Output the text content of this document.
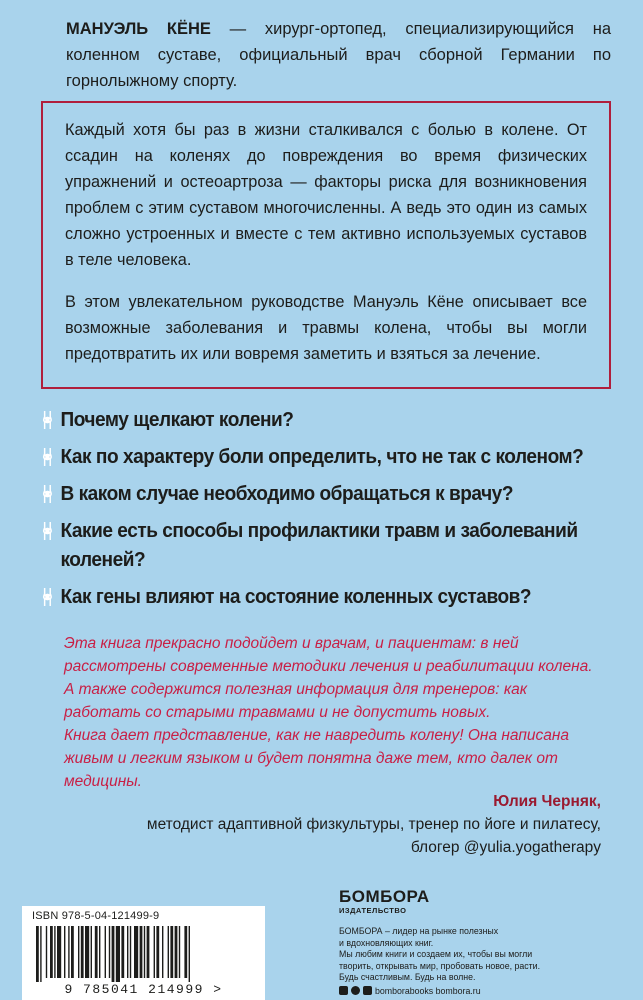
МАНУЭЛЬ КЁНЕ — хирург-ортопед, специализирующийся на коленном суставе, официальный врач сборной Германии по горнолыжному спорту.

Каждый хотя бы раз в жизни сталкивался с болью в колене. От ссадин на коленях до повреждения во время физических упражнений и остеоартроза — факторы риска для возникновения проблем с этим суставом многочисленны. А ведь это один из самых сложно устроенных и вместе с тем активно используемых суставов в теле человека.

В этом увлекательном руководстве Мануэль Кёне описывает все возможные заболевания и травмы колена, чтобы вы могли предотвратить их или вовремя заметить и взяться за лечение.

Почему щелкают колени?
Как по характеру боли определить, что не так с коленом?
В каком случае необходимо обращаться к врачу?
Какие есть способы профилактики травм и заболеваний коленей?
Как гены влияют на состояние коленных суставов?

Эта книга прекрасно подойдет и врачам, и пациентам: в ней рассмотрены современные методики лечения и реабилитации колена. А также содержится полезная информация для тренеров: как работать со старыми травмами и не допустить новых.

Книга дает представление, как не навредить колену! Она написана живым и легким языком и будет понятна даже тем, кто далек от медицины.

Юлия Черняк,
методист адаптивной физкультуры, тренер по йоге и пилатесу,
блогер @yulia.yogatherapy
ISBN 978-5-04-121499-9
9 785041 214999 >
БОМБОРА
ИЗДАТЕЛЬСТВО

БОМБОРА – лидер на рынке полезных

и вдохновляющих книг.

Мы любим книги и создаем их, чтобы вы могли

творить, открывать мир, пробовать новое, расти.

Будь счастливым. Будь на волне.

bomborabooks bombora.ru
